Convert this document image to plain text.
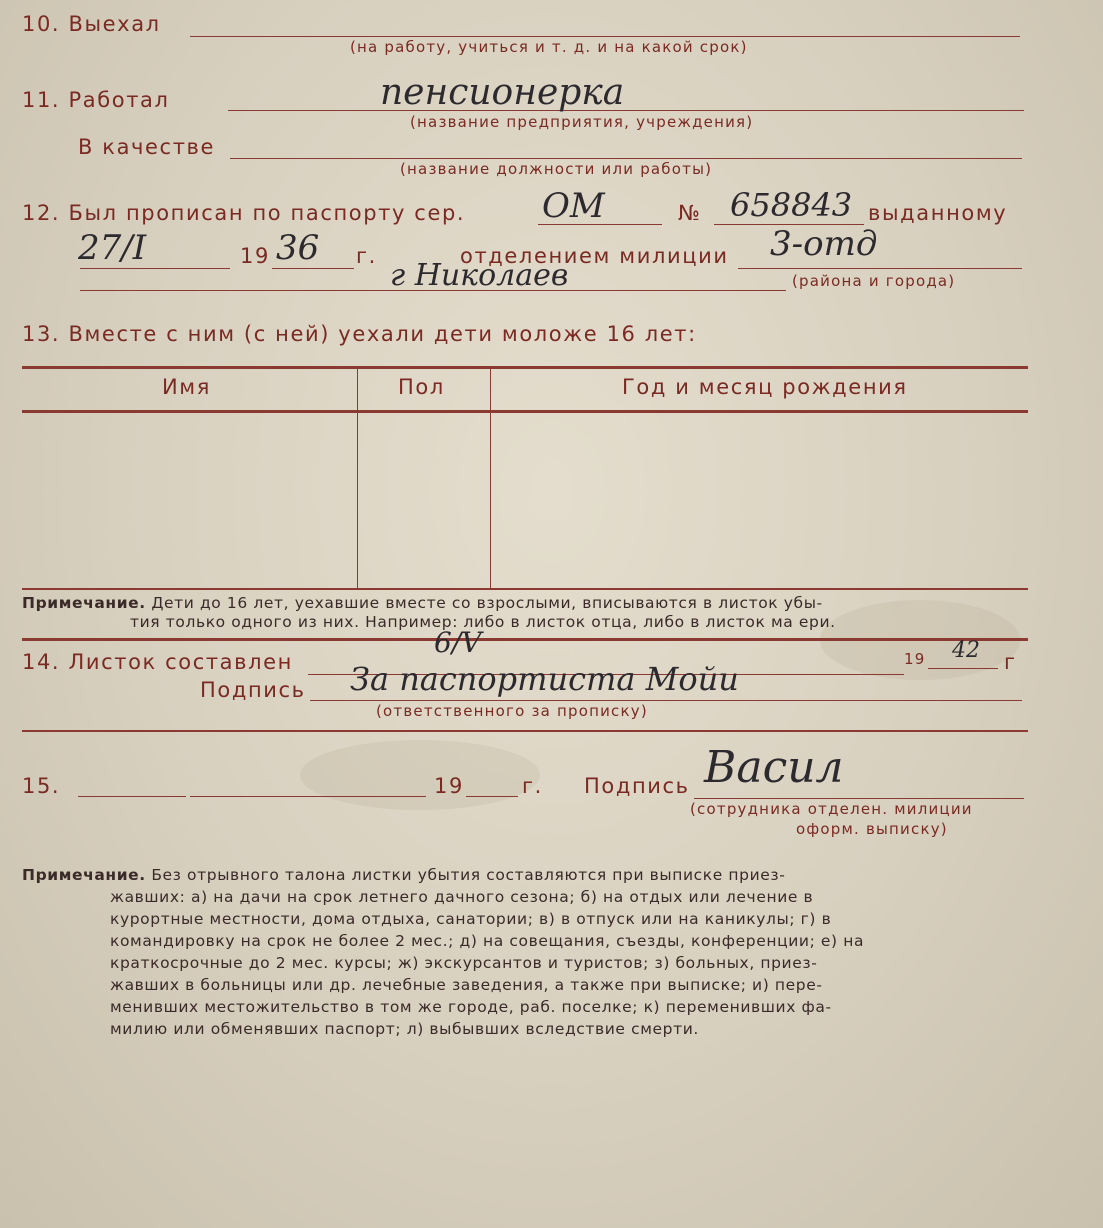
10. Выехал
(на работу, учиться и т. д. и на какой срок)
11. Работал	пенсионерка
(название предприятия, учреждения)
В качестве
(название должности или работы)
12. Был прописан по паспорту сер. ОМ	№ 658843 выданному
27/I	19 36 г.	отделением милиции 3-отд
г Николаев	(района и города)
13. Вместе с ним (с ней) уехали дети моложе 16 лет:
Имя	Пол	Год и месяц рождения
Примечание. Дети до 16 лет, уехавшие вместе со взрослыми, вписываются в листок убы-
тия только одного из них. Например: либо в листок отца, либо в листок ма ери.
14. Листок составлен
6/V	19 42 г
Подпись За паспортиста Мойи
(ответственного за прописку)
15.	19	г. Подпись Васил
(сотрудника отделен. милиции
оформ. выписку)
Примечание. Без отрывного талона листки убытия составляются при выписке приез-
жавших: а) на дачи на срок летнего дачного сезона; б) на отдых или лечение в
курортные местности, дома отдыха, санатории; в) в отпуск или на каникулы; г) в
командировку на срок не более 2 мес.; д) на совещания, съезды, конференции; е) на
краткосрочные до 2 мес. курсы; ж) экскурсантов и туристов; з) больных, приез-
жавших в больницы или др. лечебные заведения, а также при выписке; и) пере-
менивших местожительство в том же городе, раб. поселке; к) переменивших фа-
милию или обменявших паспорт; л) выбывших вследствие смерти.
